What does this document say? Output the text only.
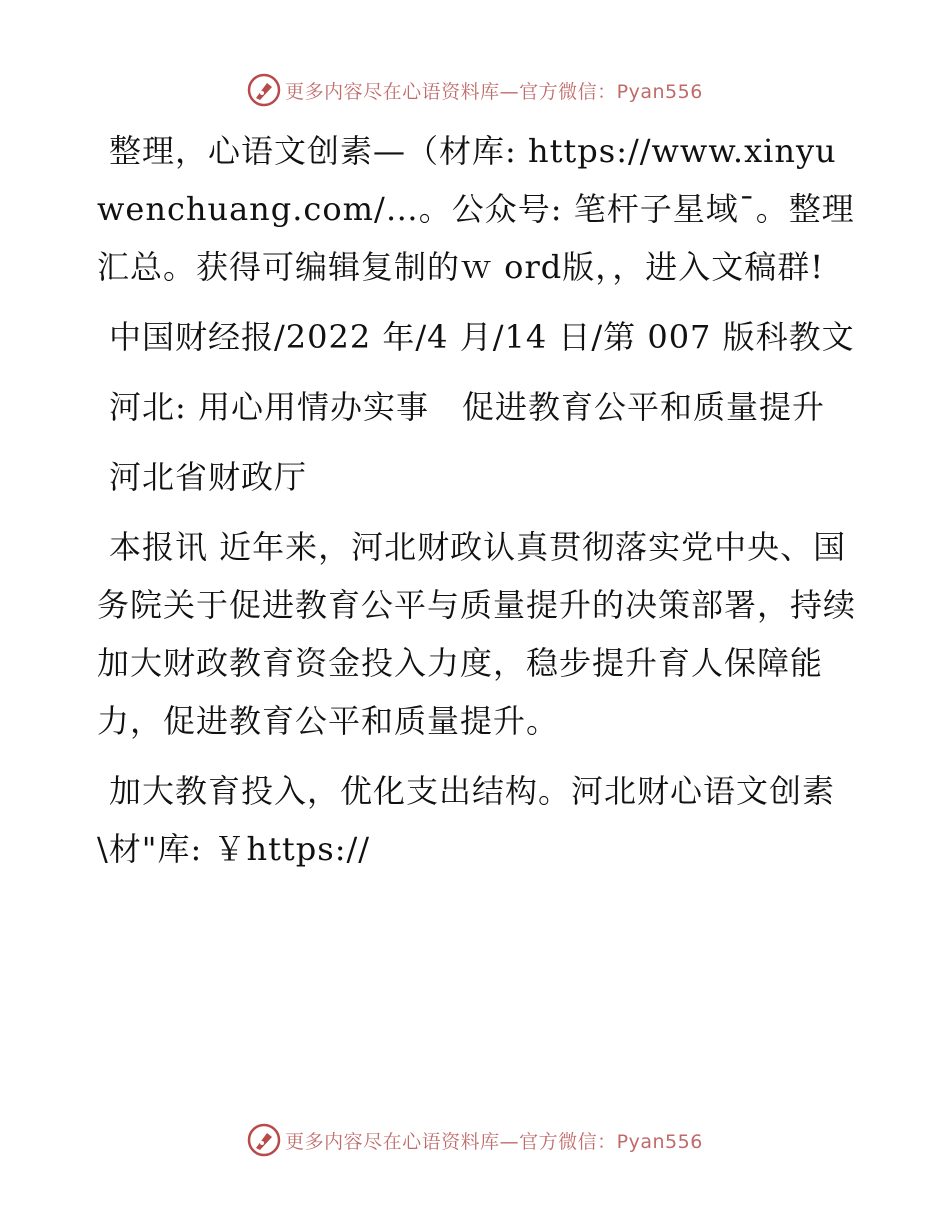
更多内容尽在心语资料库—官方微信：Pyan556

整理，心语文创素—（材库: https://www.xinyuwenchuang.com/…。公众号: 笔杆子星域¯。整理汇总。获得可编辑复制的ｗ ord版，，进入文稿群!

中国财经报/2022 年/4 月/14 日/第 007 版科教文

河北: 用心用情办实事　促进教育公平和质量提升

河北省财政厅

本报讯 近年来，河北财政认真贯彻落实党中央、国务院关于促进教育公平与质量提升的决策部署，持续加大财政教育资金投入力度，稳步提升育人保障能力，促进教育公平和质量提升。

加大教育投入，优化支出结构。河北财心语文创素\材"库: ￥https://

更多内容尽在心语资料库—官方微信：Pyan556
